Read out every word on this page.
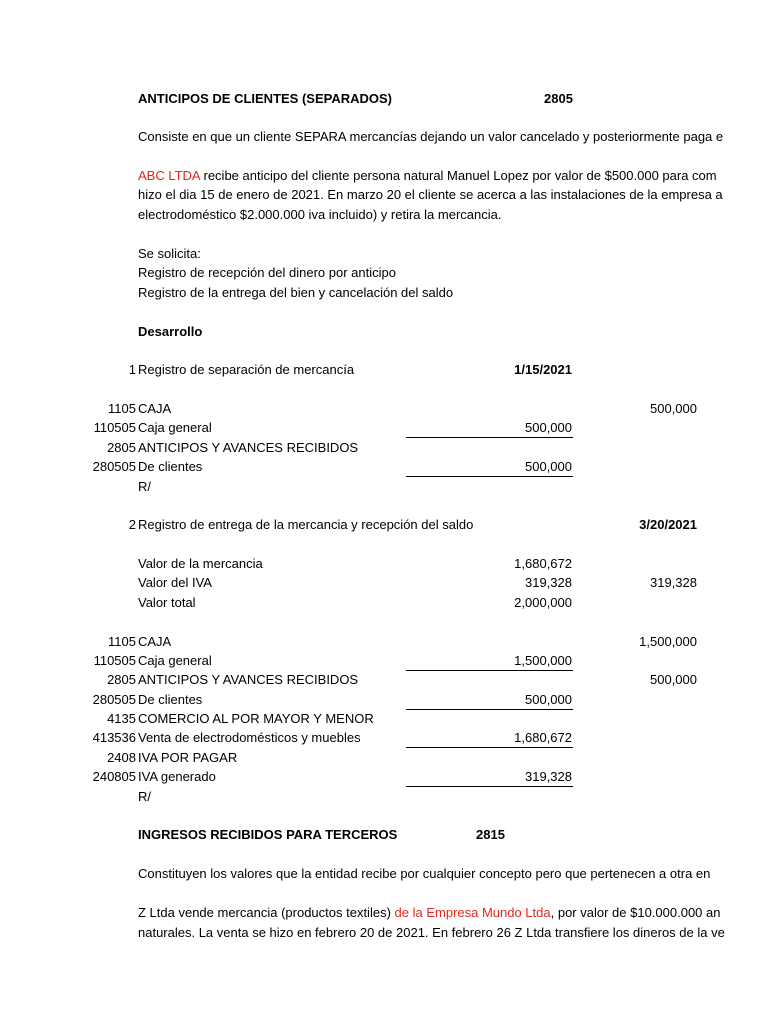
ANTICIPOS DE CLIENTES (SEPARADOS)	2805
Consiste en que un cliente SEPARA mercancías dejando un valor cancelado y posteriormente paga e
ABC LTDA recibe anticipo del cliente persona natural Manuel Lopez por valor de $500.000 para com
hizo el dia 15 de enero de 2021. En marzo 20 el cliente se acerca a las instalaciones de la empresa a
electrodoméstico $2.000.000 iva incluido) y retira la mercancia.
Se solicita:
Registro de recepción del dinero por anticipo
Registro de la entrega del bien y cancelación del saldo
Desarrollo
1 Registro de separación de mercancía	1/15/2021
1105 CAJA	500,000
110505 Caja general	500,000
2805 ANTICIPOS Y AVANCES RECIBIDOS
280505 De clientes	500,000
R/
2 Registro de entrega de la mercancia y recepción del saldo	3/20/2021
Valor de la mercancia	1,680,672
Valor del IVA	319,328	319,328
Valor total	2,000,000
1105 CAJA	1,500,000
110505 Caja general	1,500,000
2805 ANTICIPOS Y AVANCES RECIBIDOS	500,000
280505 De clientes	500,000
4135 COMERCIO AL POR MAYOR Y MENOR
413536 Venta de electrodomésticos y muebles	1,680,672
2408 IVA POR PAGAR
240805 IVA generado	319,328
R/
INGRESOS RECIBIDOS PARA TERCEROS	2815
Constituyen los valores que la entidad recibe por cualquier concepto pero que pertenecen a otra en
Z Ltda vende mercancia (productos textiles) de la Empresa Mundo Ltda, por valor de $10.000.000 an
naturales. La venta se hizo en febrero 20 de 2021. En febrero 26 Z Ltda transfiere los dineros de la ve
